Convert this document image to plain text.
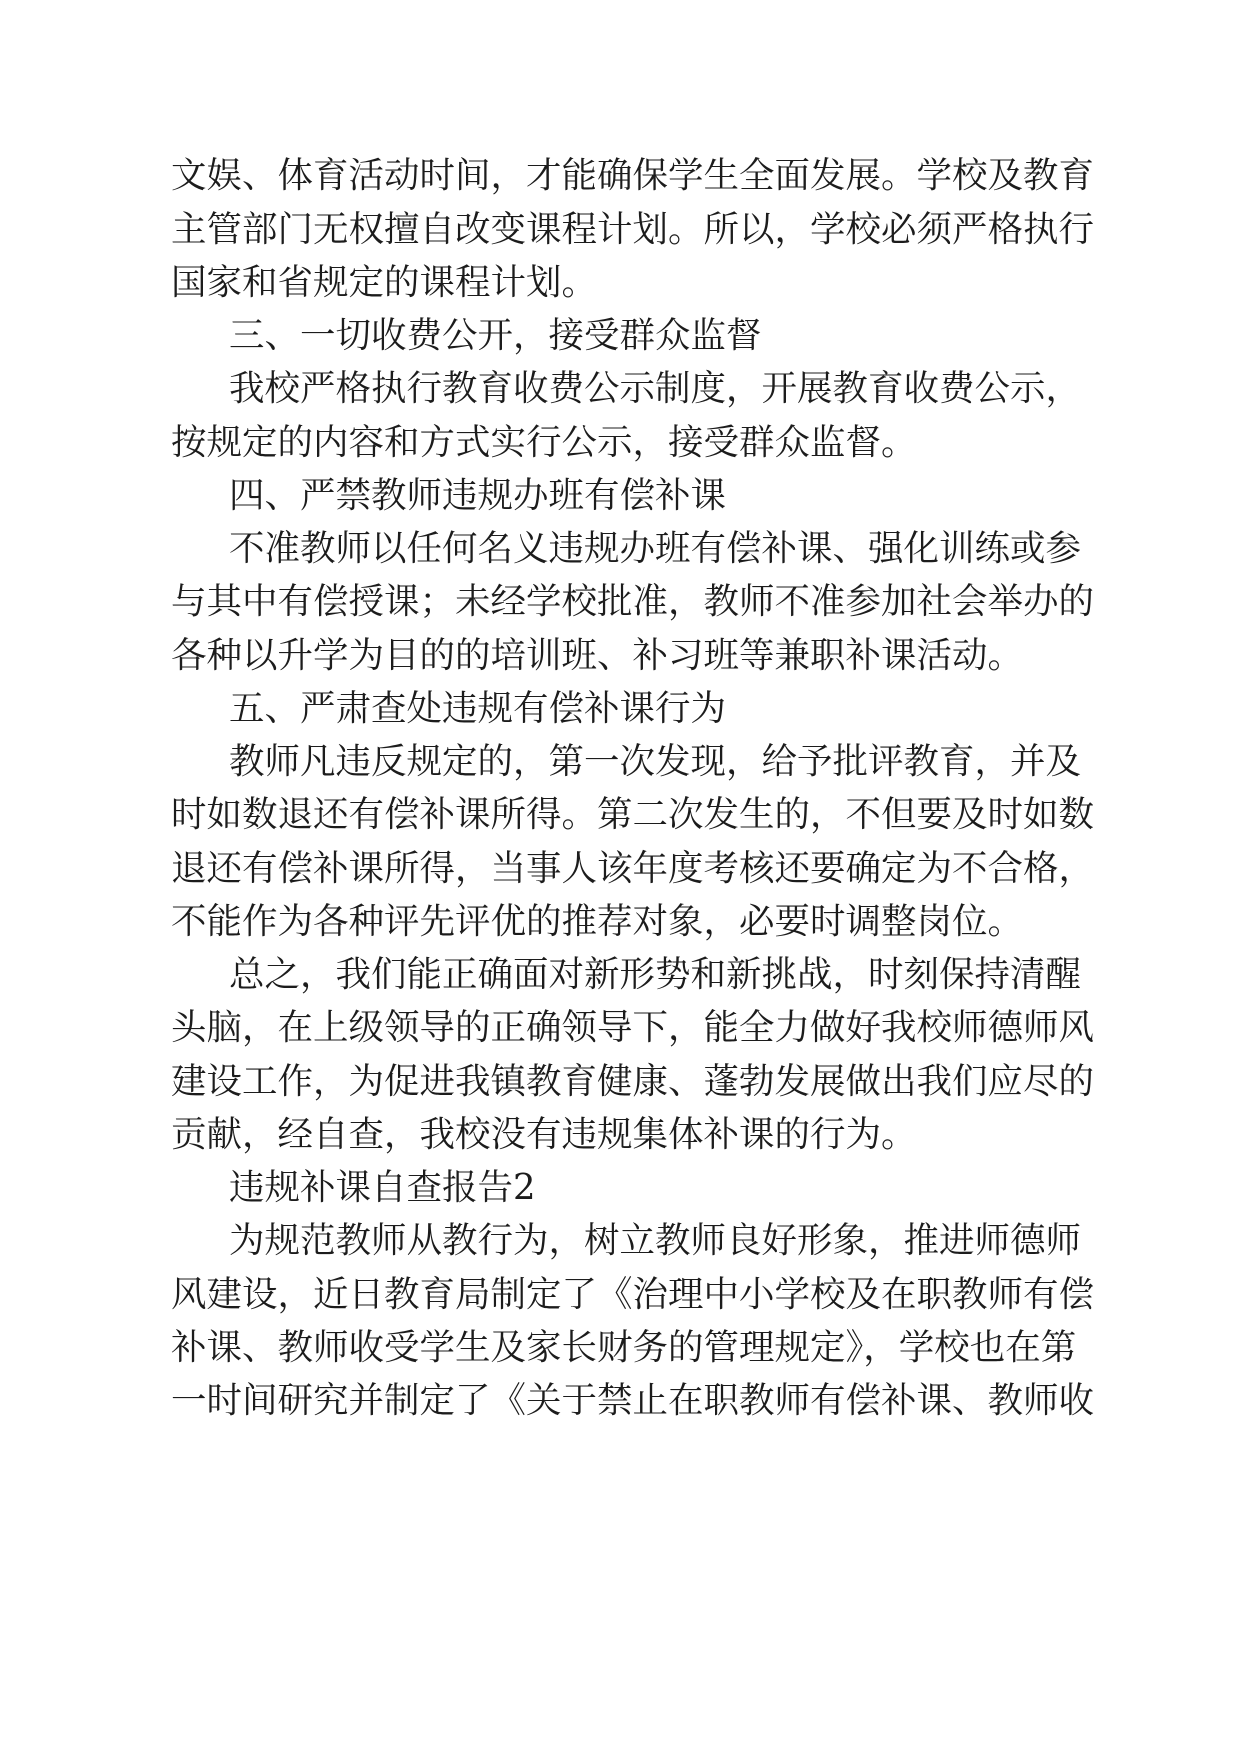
文娱、体育活动时间，才能确保学生全面发展。学校及教育
主管部门无权擅自改变课程计划。所以，学校必须严格执行
国家和省规定的课程计划。
三、一切收费公开，接受群众监督
我校严格执行教育收费公示制度，开展教育收费公示，
按规定的内容和方式实行公示，接受群众监督。
四、严禁教师违规办班有偿补课
不准教师以任何名义违规办班有偿补课、强化训练或参
与其中有偿授课；未经学校批准，教师不准参加社会举办的
各种以升学为目的的培训班、补习班等兼职补课活动。
五、严肃查处违规有偿补课行为
教师凡违反规定的，第一次发现，给予批评教育，并及
时如数退还有偿补课所得。第二次发生的，不但要及时如数
退还有偿补课所得，当事人该年度考核还要确定为不合格，
不能作为各种评先评优的推荐对象，必要时调整岗位。
总之，我们能正确面对新形势和新挑战，时刻保持清醒
头脑，在上级领导的正确领导下，能全力做好我校师德师风
建设工作，为促进我镇教育健康、蓬勃发展做出我们应尽的
贡献，经自查，我校没有违规集体补课的行为。
违规补课自查报告2
为规范教师从教行为，树立教师良好形象，推进师德师
风建设，近日教育局制定了《治理中小学校及在职教师有偿
补课、教师收受学生及家长财务的管理规定》，学校也在第
一时间研究并制定了《关于禁止在职教师有偿补课、教师收
